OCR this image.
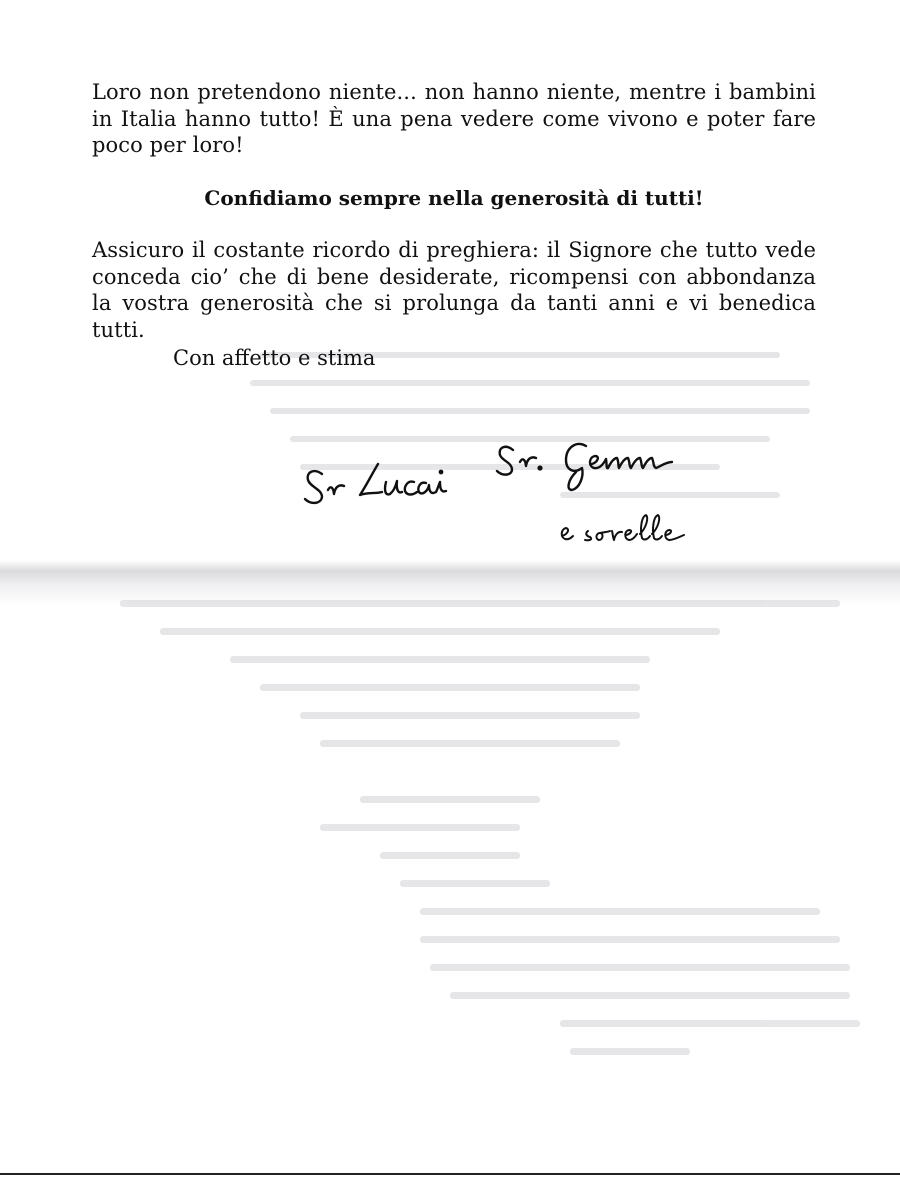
Loro non pretendono niente... non hanno niente, mentre i bambini in Italia hanno tutto! È una pena vedere come vivono e poter fare poco per loro!
Confidiamo sempre nella generosità di tutti!
Assicuro il costante ricordo di preghiera: il Signore che tutto vede conceda cio’ che di bene desiderate, ricompensi con abbondanza la vostra generosità che si prolunga da tanti anni e vi benedica tutti.
Con affetto e stima
